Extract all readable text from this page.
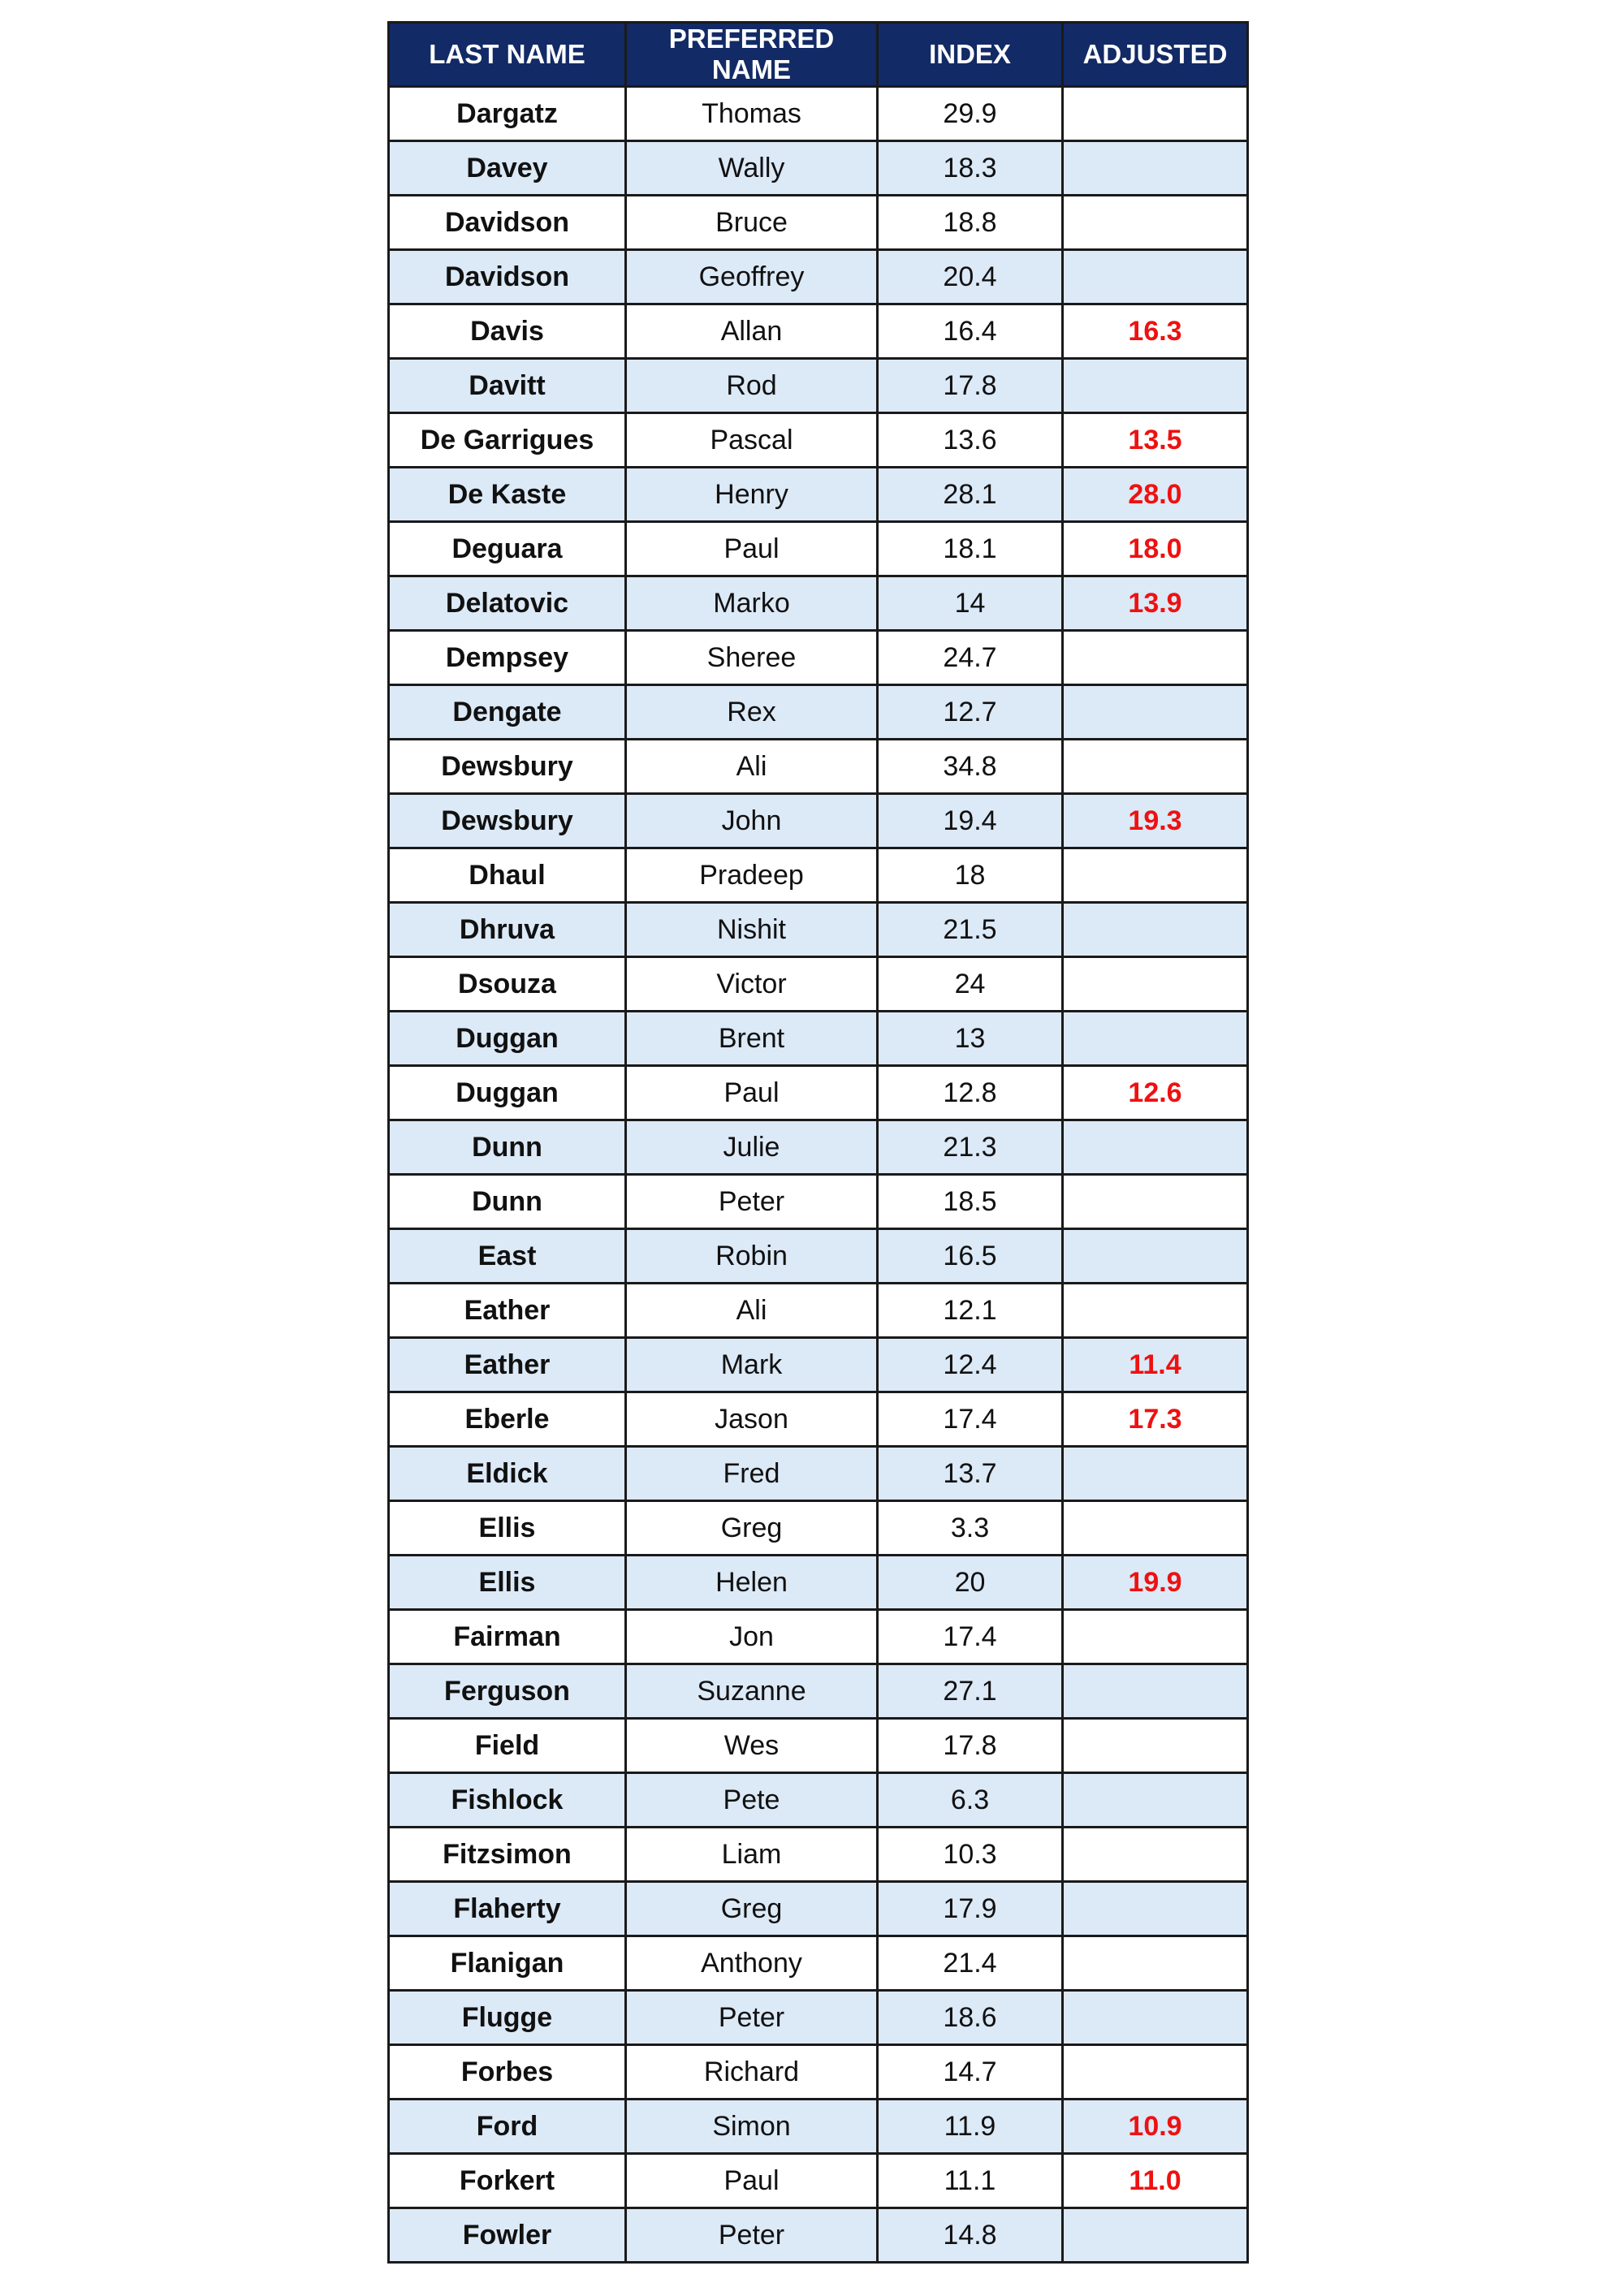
LAST NAME	PREFERRED NAME	INDEX	ADJUSTED
Dargatz	Thomas	29.9	
Davey	Wally	18.3	
Davidson	Bruce	18.8	
Davidson	Geoffrey	20.4	
Davis	Allan	16.4	16.3
Davitt	Rod	17.8	
De Garrigues	Pascal	13.6	13.5
De Kaste	Henry	28.1	28.0
Deguara	Paul	18.1	18.0
Delatovic	Marko	14	13.9
Dempsey	Sheree	24.7	
Dengate	Rex	12.7	
Dewsbury	Ali	34.8	
Dewsbury	John	19.4	19.3
Dhaul	Pradeep	18	
Dhruva	Nishit	21.5	
Dsouza	Victor	24	
Duggan	Brent	13	
Duggan	Paul	12.8	12.6
Dunn	Julie	21.3	
Dunn	Peter	18.5	
East	Robin	16.5	
Eather	Ali	12.1	
Eather	Mark	12.4	11.4
Eberle	Jason	17.4	17.3
Eldick	Fred	13.7	
Ellis	Greg	3.3	
Ellis	Helen	20	19.9
Fairman	Jon	17.4	
Ferguson	Suzanne	27.1	
Field	Wes	17.8	
Fishlock	Pete	6.3	
Fitzsimon	Liam	10.3	
Flaherty	Greg	17.9	
Flanigan	Anthony	21.4	
Flugge	Peter	18.6	
Forbes	Richard	14.7	
Ford	Simon	11.9	10.9
Forkert	Paul	11.1	11.0
Fowler	Peter	14.8	
